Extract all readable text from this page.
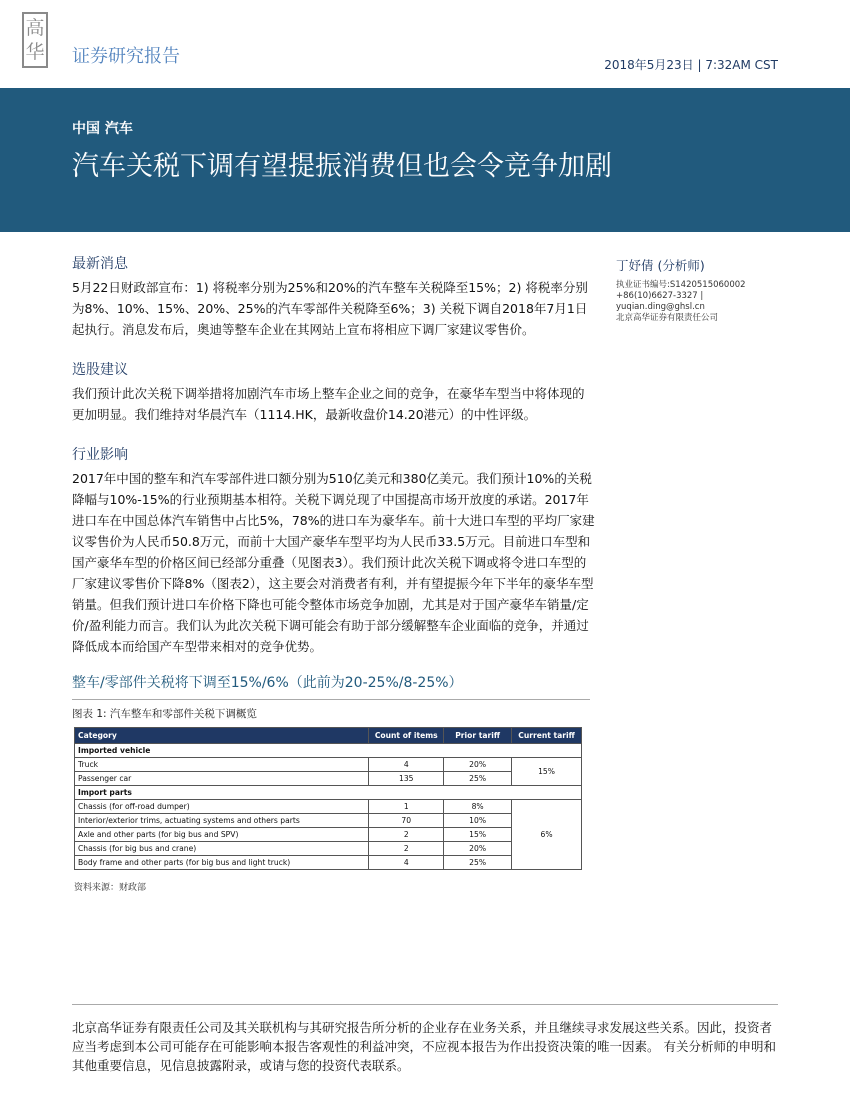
高
华 证券研究报告	2018年5月23日 | 7:32AM CST
中国 汽车
汽车关税下调有望提振消费但也会令竞争加剧
最新消息

5月22日财政部宣布：1) 将税率分别为25%和20%的汽车整车关税降至15%；2) 将税率分别为8%、10%、15%、20%、25%的汽车零部件关税降至6%；3) 关税下调自2018年7月1日起执行。消息发布后，奥迪等整车企业在其网站上宣布将相应下调厂家建议零售价。

选股建议

我们预计此次关税下调举措将加剧汽车市场上整车企业之间的竞争，在豪华车型当中将体现的更加明显。我们维持对华晨汽车（1114.HK，最新收盘价14.20港元）的中性评级。

行业影响

2017年中国的整车和汽车零部件进口额分别为510亿美元和380亿美元。我们预计10%的关税降幅与10%-15%的行业预期基本相符。关税下调兑现了中国提高市场开放度的承诺。2017年进口车在中国总体汽车销售中占比5%，78%的进口车为豪华车。前十大进口车型的平均厂家建议零售价为人民币50.8万元，而前十大国产豪华车型平均为人民币33.5万元。目前进口车型和国产豪华车型的价格区间已经部分重叠（见图表3）。我们预计此次关税下调或将令进口车型的厂家建议零售价下降8%（图表2），这主要会对消费者有利，并有望提振今年下半年的豪华车型销量。但我们预计进口车价格下降也可能令整体市场竞争加剧，尤其是对于国产豪华车销量/定价/盈利能力而言。我们认为此次关税下调可能会有助于部分缓解整车企业面临的竞争，并通过降低成本而给国产车型带来相对的竞争优势。

整车/零部件关税将下调至15%/6%（此前为20-25%/8-25%）
图表 1: 汽车整车和零部件关税下调概览
Category	Count of items	Prior tariff	Current tariff
Imported vehicle			
Truck	4	20%	15%
Passenger car	135	25%	
Import parts			
Chassis (for off-road dumper)	1	8%	6%
Interior/exterior trims, actuating systems and others parts	70	10%	
Axle and other parts (for big bus and SPV)	2	15%	
Chassis (for big bus and crane)	2	20%	
Body frame and other parts (for big bus and light truck)	4	25%	
资料来源：财政部
丁妤倩 (分析师)
执业证书编号:S1420515060002
+86(10)6627-3327 |
yuqian.ding@ghsl.cn
北京高华证券有限责任公司

北京高华证券有限责任公司及其关联机构与其研究报告所分析的企业存在业务关系，并且继续寻求发展这些关系。因此，投资者应当考虑到本公司可能存在可能影响本报告客观性的利益冲突，不应视本报告为作出投资决策的唯一因素。 有关分析师的申明和其他重要信息，见信息披露附录，或请与您的投资代表联系。
